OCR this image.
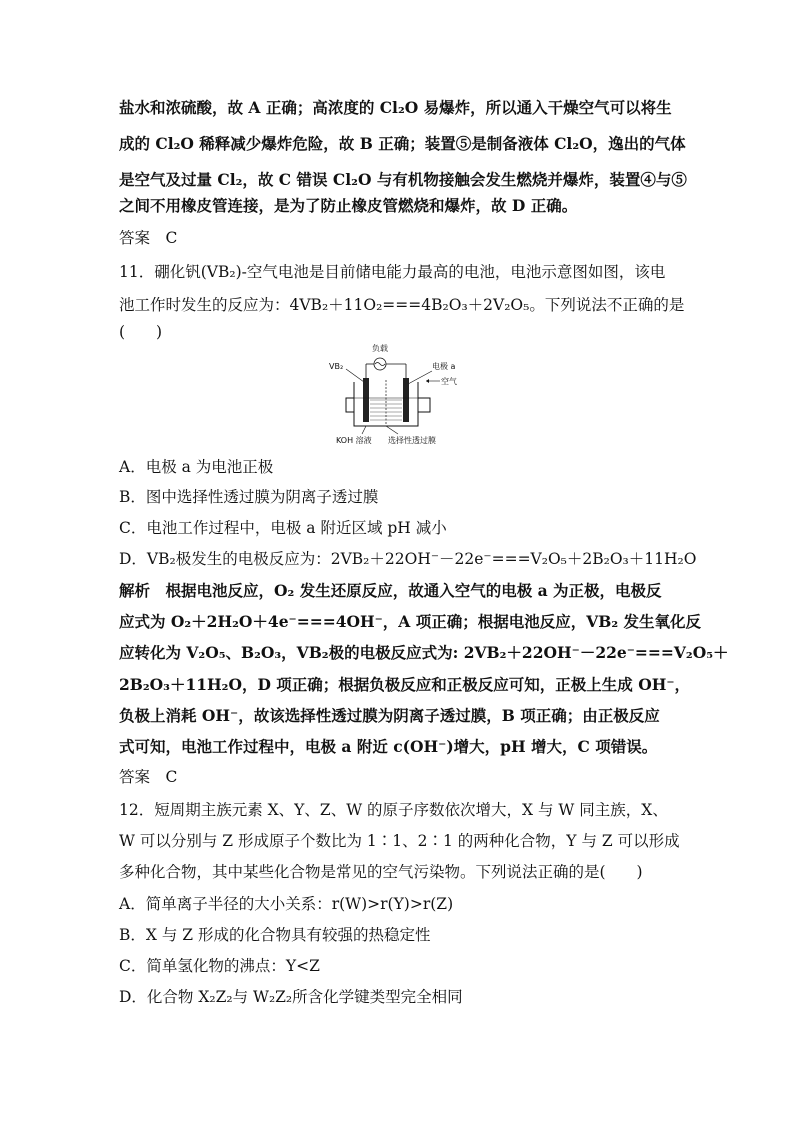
盐水和浓硫酸，故 A 正确；高浓度的 Cl₂O 易爆炸，所以通入干燥空气可以将生
成的 Cl₂O 稀释减少爆炸危险，故 B 正确；装置⑤是制备液体 Cl₂O，逸出的气体
是空气及过量 Cl₂，故 C 错误 Cl₂O 与有机物接触会发生燃烧并爆炸，装置④与⑤
之间不用橡皮管连接，是为了防止橡皮管燃烧和爆炸，故 D 正确。
答案　C
11．硼化钒(VB₂)-空气电池是目前储电能力最高的电池，电池示意图如图，该电
池工作时发生的反应为：4VB₂＋11O₂===4B₂O₃＋2V₂O₅。下列说法不正确的是
(　　)
负载
VB₂	电极 a
空气
KOH 溶液 选择性透过膜
A．电极 a 为电池正极
B．图中选择性透过膜为阴离子透过膜
C．电池工作过程中，电极 a 附近区域 pH 减小
D．VB₂极发生的电极反应为：2VB₂＋22OH⁻－22e⁻===V₂O₅＋2B₂O₃＋11H₂O
解析　根据电池反应，O₂ 发生还原反应，故通入空气的电极 a 为正极，电极反
应式为 O₂＋2H₂O＋4e⁻===4OH⁻，A 项正确；根据电池反应，VB₂ 发生氧化反
应转化为 V₂O₅、B₂O₃，VB₂极的电极反应式为: 2VB₂＋22OH⁻－22e⁻===V₂O₅＋
2B₂O₃＋11H₂O，D 项正确；根据负极反应和正极反应可知，正极上生成 OH⁻，
负极上消耗 OH⁻，故该选择性透过膜为阴离子透过膜，B 项正确；由正极反应
式可知，电池工作过程中，电极 a 附近 c(OH⁻)增大，pH 增大，C 项错误。
答案　C
12．短周期主族元素 X、Y、Z、W 的原子序数依次增大，X 与 W 同主族，X、
W 可以分别与 Z 形成原子个数比为 1∶1、2∶1 的两种化合物，Y 与 Z 可以形成
多种化合物，其中某些化合物是常见的空气污染物。下列说法正确的是(　　)
A．简单离子半径的大小关系：r(W)>r(Y)>r(Z)
B．X 与 Z 形成的化合物具有较强的热稳定性
C．简单氢化物的沸点：Y<Z
D．化合物 X₂Z₂与 W₂Z₂所含化学键类型完全相同
